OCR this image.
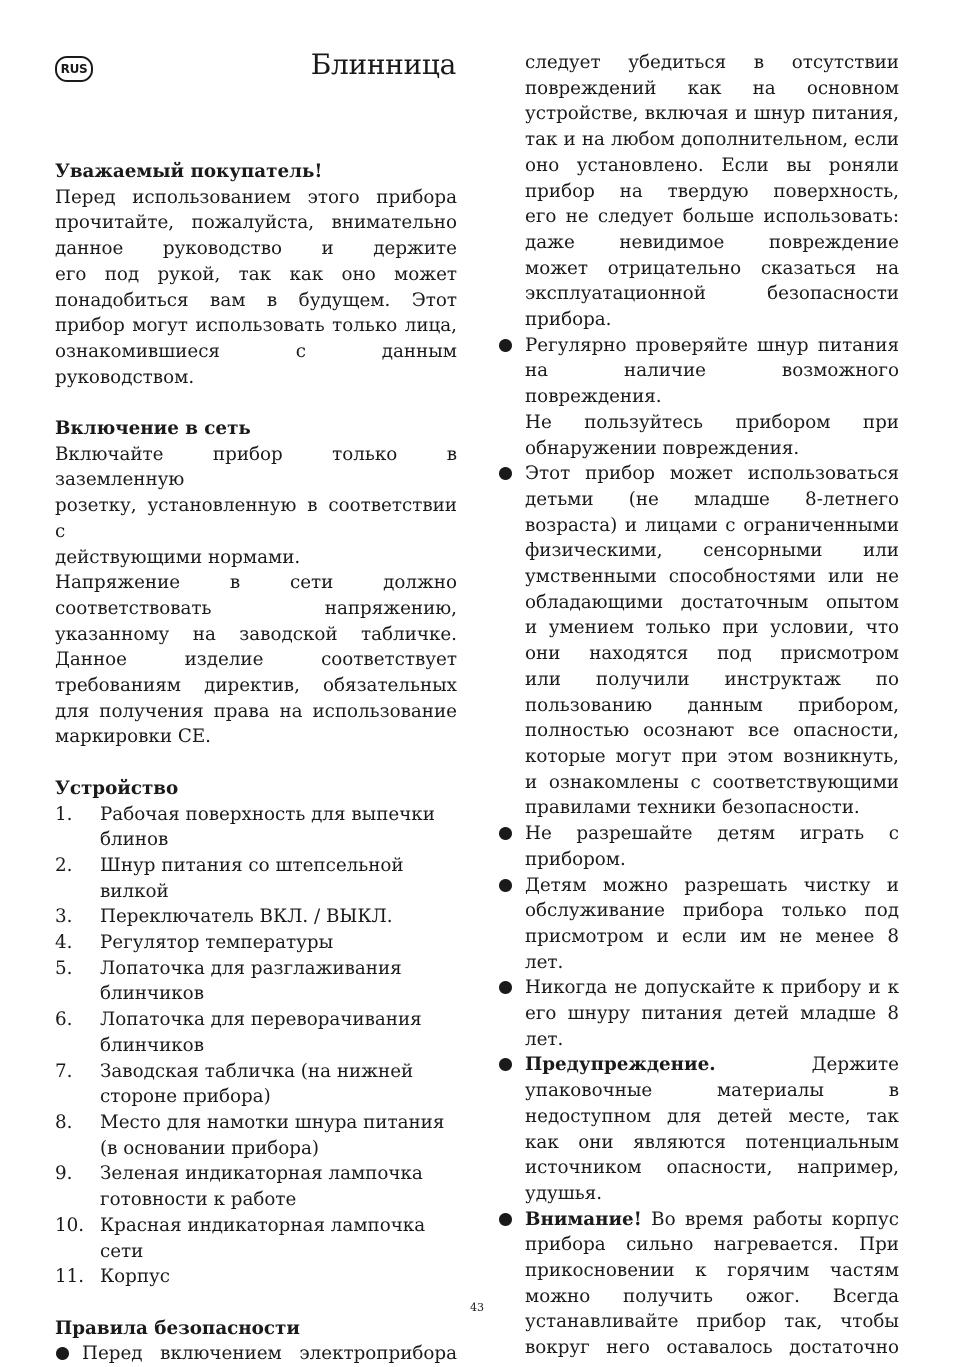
RUS	Блинница

Уважаемый покупатель!

Перед использованием этого прибора

прочитайте, пожалуйста, внимательно

данное руководство и держите

его под рукой, так как оно может

понадобиться вам в будущем. Этот

прибор могут использовать только лица,

ознакомившиеся с данным руководством.

Включение в сеть

Включайте прибор только в заземленную

розетку, установленную в соответствии с

действующими нормами.

Напряжение в сети должно

соответствовать напряжению,

указанному на заводской табличке.

Данное изделие соответствует

требованиям директив, обязательных

для получения права на использование

маркировки CE.

Устройство

1.	Рабочая поверхность для выпечки
блинов
2.	Шнур питания со штепсельной
вилкой
3.	Переключатель ВКЛ. / ВЫКЛ.
4.	Регулятор температуры
5.	Лопаточка для разглаживания
блинчиков
6.	Лопаточка для переворачивания
блинчиков
7.	Заводская табличка (на нижней
стороне прибора)
8.	Место для намотки шнура питания
(в основании прибора)
9.	Зеленая индикаторная лампочка
готовности к работе
10. Красная индикаторная лампочка
сети
11. Корпус

Правила безопасности

Перед включением электроприбора

следует убедиться в отсутствии

повреждений как на основном

устройстве, включая и шнур питания,

так и на любом дополнительном, если

оно установлено. Если вы роняли

прибор на твердую поверхность,

его не следует больше использовать:

даже невидимое повреждение

может отрицательно сказаться на

эксплуатационной безопасности

прибора.

Регулярно проверяйте шнур питания

на наличие возможного повреждения.

Не пользуйтесь прибором при

обнаружении повреждения.

Этот прибор может использоваться

детьми (не младше 8-летнего

возраста) и лицами с ограниченными

физическими, сенсорными или

умственными способностями или не

обладающими достаточным опытом

и умением только при условии, что

они находятся под присмотром

или получили инструктаж по

пользованию данным прибором,

полностью осознают все опасности,

которые могут при этом возникнуть,

и ознакомлены с соответствующими

правилами техники безопасности.

Не разрешайте детям играть с

прибором.

Детям можно разрешать чистку и

обслуживание прибора только под

присмотром и если им не менее 8 лет.

Никогда не допускайте к прибору и к

его шнуру питания детей младше 8 лет.

Предупреждение.	Держите

упаковочные материалы в

недоступном для детей месте, так

как они являются потенциальным

источником опасности, например,

удушья.

Внимание! Во время работы корпус

прибора сильно нагревается. При

прикосновении к горячим частям

можно получить ожог. Всегда

устанавливайте прибор так, чтобы

вокруг него оставалось достаточно

43
